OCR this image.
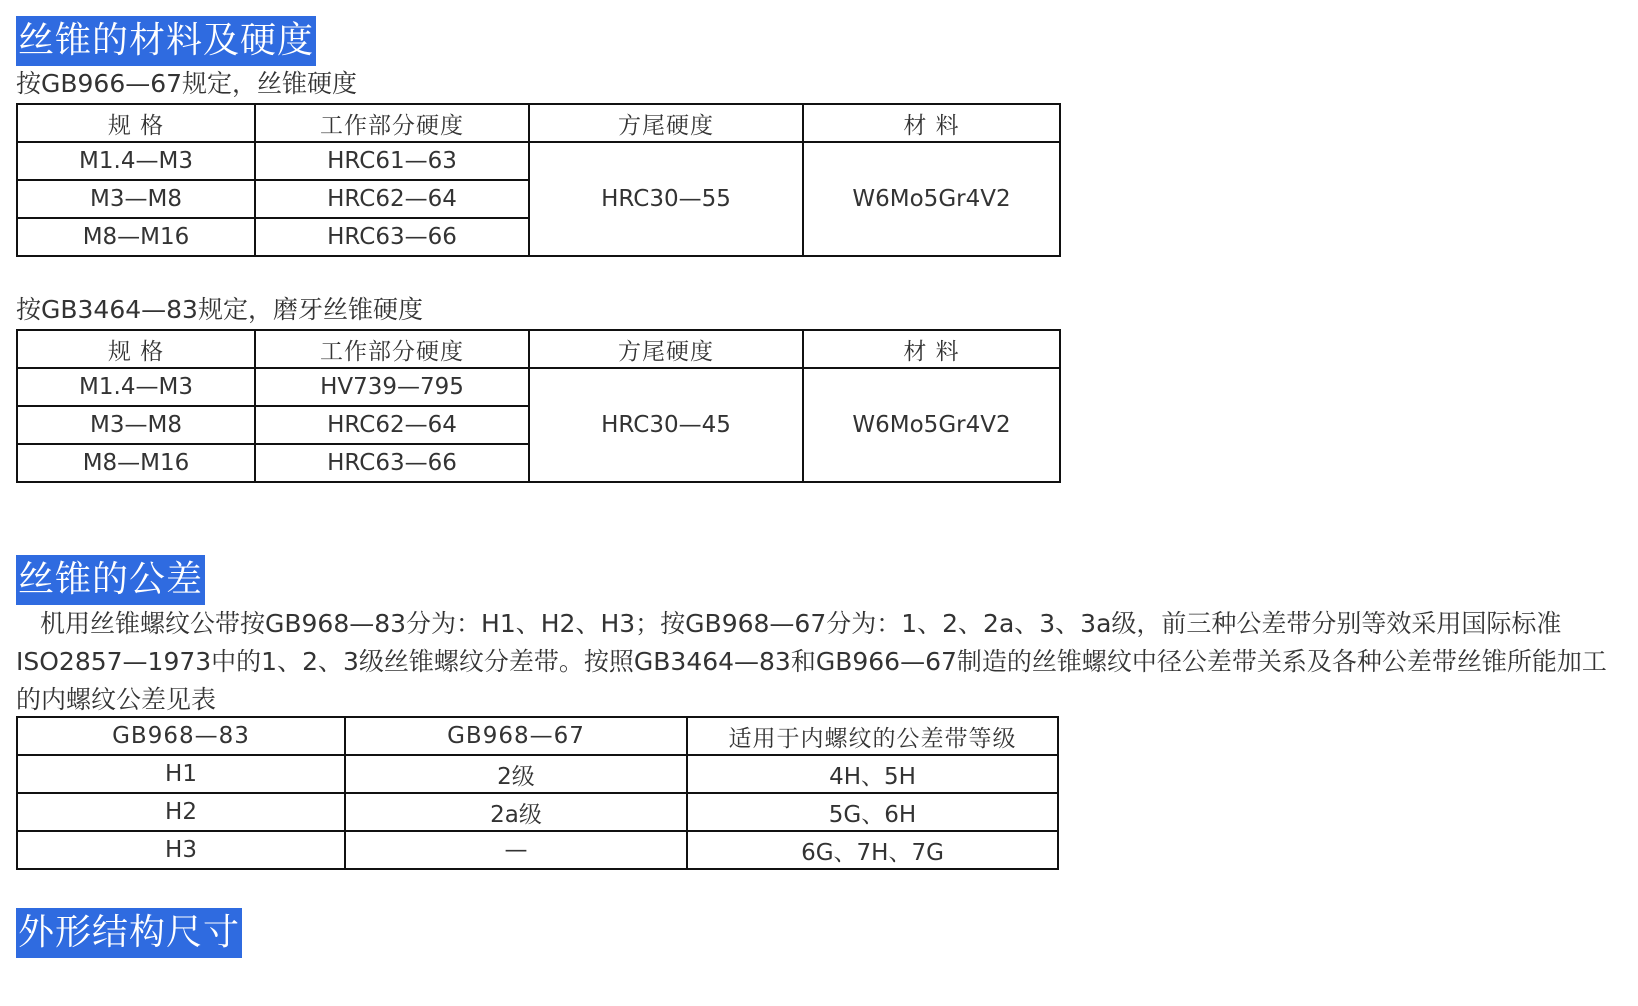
丝锥的材料及硬度
按GB966—67规定，丝锥硬度
规 格	工作部分硬度	方尾硬度	材 料
M1.4—M3	HRC61—63	HRC30—55	W6Mo5Gr4V2
M3—M8	HRC62—64		
M8—M16	HRC63—66		
按GB3464—83规定，磨牙丝锥硬度
规 格	工作部分硬度	方尾硬度	材 料
M1.4—M3	HV739—795	HRC30—45	W6Mo5Gr4V2
M3—M8	HRC62—64		
M8—M16	HRC63—66		
丝锥的公差
机用丝锥螺纹公带按GB968—83分为：H1、H2、H3；按GB968—67分为：1、2、2a、3、3a级，前三种公差带分别等效采用国际标准ISO2857—1973中的1、2、3级丝锥螺纹分差带。按照GB3464—83和GB966—67制造的丝锥螺纹中径公差带关系及各种公差带丝锥所能加工的内螺纹公差见表
GB968—83	GB968—67	适用于内螺纹的公差带等级
H1	2级	4H、5H
H2	2a级	5G、6H
H3	—	6G、7H、7G
外形结构尺寸
